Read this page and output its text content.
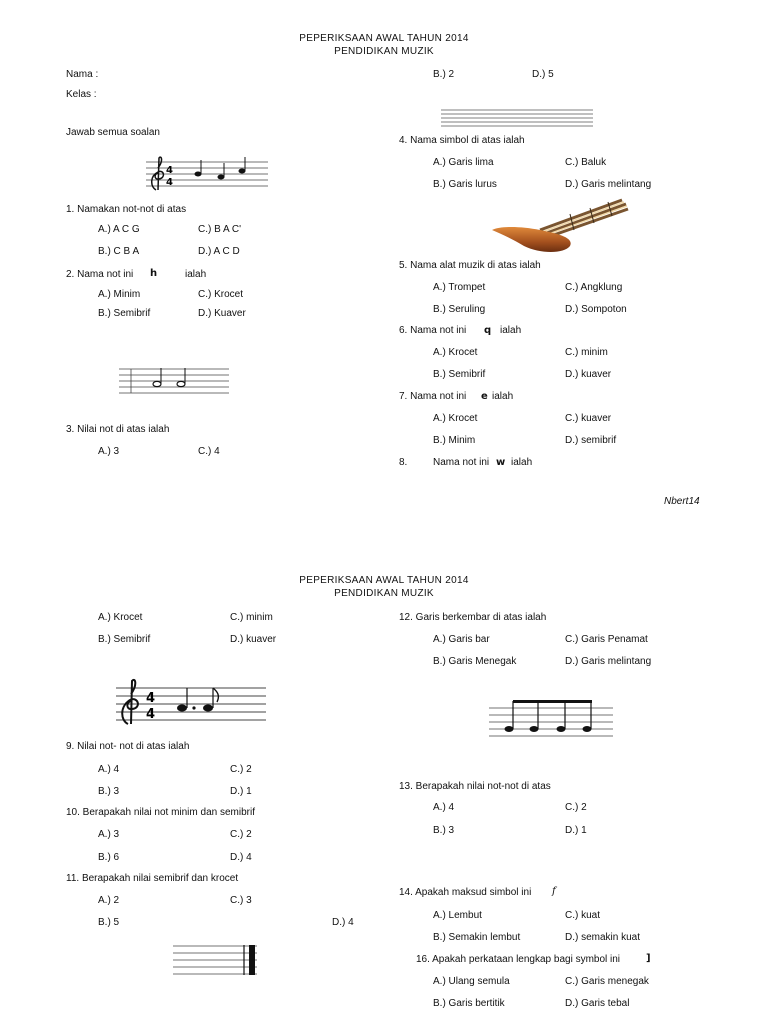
PEPERIKSAAN AWAL TAHUN 2014
PENDIDIKAN MUZIK
Nama :
Kelas :
Jawab semua soalan
4
4
1. Namakan not-not di atas
A.) A C G	C.) B A C'
B.) C B A	D.) A C D
2. Nama not ini h	ialah
A.) Minim	C.) Krocet
B.) Semibrif	D.) Kuaver
3. Nilai not di atas ialah
A.) 3	C.) 4
B.) 2	D.) 5
4. Nama simbol di atas ialah
A.) Garis lima	C.) Baluk
B.) Garis lurus	D.) Garis melintang
5. Nama alat muzik di atas ialah
A.) Trompet	C.) Angklung
B.) Seruling	D.) Sompoton
6. Nama not ini q ialah
A.) Krocet	C.) minim
B.) Semibrif	D.) kuaver
7. Nama not ini e ialah
A.) Krocet	C.) kuaver
B.) Minim	D.) semibrif
8.	Nama not ini w ialah
Nbert14
PEPERIKSAAN AWAL TAHUN 2014
PENDIDIKAN MUZIK
A.) Krocet	C.) minim
B.) Semibrif	D.) kuaver
4
4
9. Nilai not- not di atas ialah
A.) 4	C.) 2
B.) 3	D.) 1
10. Berapakah nilai not minim dan semibrif
A.) 3	C.) 2
B.) 6	D.) 4
11. Berapakah nilai semibrif dan krocet
A.) 2	C.) 3
B.) 5	D.) 4
12. Garis berkembar di atas ialah
A.) Garis bar	C.) Garis Penamat
B.) Garis Menegak	D.) Garis melintang
13. Berapakah nilai not-not di atas
A.) 4	C.) 2
B.) 3	D.) 1
14. Apakah maksud simbol ini f
A.) Lembut	C.) kuat
B.) Semakin lembut	D.) semakin kuat
16. Apakah perkataan lengkap bagi symbol ini	]
A.) Ulang semula	C.) Garis menegak
B.) Garis bertitik	D.) Garis tebal
